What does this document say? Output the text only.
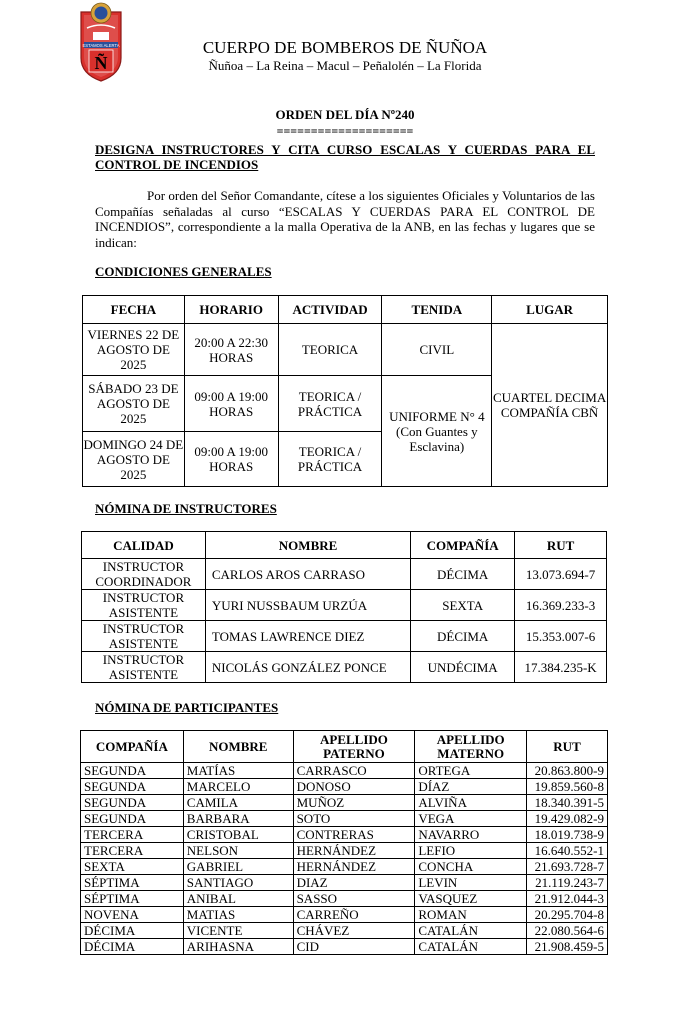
ESTAMOS ALERTA
Ñ
CUERPO DE BOMBEROS DE ÑUÑOA
Ñuñoa – La Reina – Macul – Peñalolén – La Florida
ORDEN DEL DÍA Nº240
====================
DESIGNA INSTRUCTORES Y CITA CURSO ESCALAS Y CUERDAS PARA EL CONTROL DE INCENDIOS
Por orden del Señor Comandante, cítese a los siguientes Oficiales y Voluntarios de las Compañías señaladas al curso “ESCALAS Y CUERDAS PARA EL CONTROL DE INCENDIOS”, correspondiente a la malla Operativa de la ANB, en las fechas y lugares que se indican:
CONDICIONES GENERALES
FECHA	HORARIO	ACTIVIDAD	TENIDA	LUGAR
VIERNES 22 DE AGOSTO DE 2025	20:00 A 22:30 HORAS	TEORICA	CIVIL	CUARTEL DECIMA COMPAÑÍA CBÑ
SÁBADO 23 DE AGOSTO DE 2025	09:00 A 19:00 HORAS	TEORICA / PRÁCTICA	UNIFORME N° 4 (Con Guantes y Esclavina)	
DOMINGO 24 DE AGOSTO DE 2025	09:00 A 19:00 HORAS	TEORICA / PRÁCTICA		
NÓMINA DE INSTRUCTORES
CALIDAD	NOMBRE	COMPAÑÍA	RUT
INSTRUCTOR COORDINADOR	CARLOS AROS CARRASO	DÉCIMA	13.073.694-7
INSTRUCTOR ASISTENTE	YURI NUSSBAUM URZÚA	SEXTA	16.369.233-3
INSTRUCTOR ASISTENTE	TOMAS LAWRENCE DIEZ	DÉCIMA	15.353.007-6
INSTRUCTOR ASISTENTE	NICOLÁS GONZÁLEZ PONCE	UNDÉCIMA	17.384.235-K
NÓMINA DE PARTICIPANTES
COMPAÑÍA	NOMBRE	APELLIDO PATERNO	APELLIDO MATERNO	RUT
SEGUNDA	MATÍAS	CARRASCO	ORTEGA	20.863.800-9
SEGUNDA	MARCELO	DONOSO	DÍAZ	19.859.560-8
SEGUNDA	CAMILA	MUÑOZ	ALVIÑA	18.340.391-5
SEGUNDA	BARBARA	SOTO	VEGA	19.429.082-9
TERCERA	CRISTOBAL	CONTRERAS	NAVARRO	18.019.738-9
TERCERA	NELSON	HERNÁNDEZ	LEFIO	16.640.552-1
SEXTA	GABRIEL	HERNÁNDEZ	CONCHA	21.693.728-7
SÉPTIMA	SANTIAGO	DIAZ	LEVIN	21.119.243-7
SÉPTIMA	ANIBAL	SASSO	VASQUEZ	21.912.044-3
NOVENA	MATIAS	CARREÑO	ROMAN	20.295.704-8
DÉCIMA	VICENTE	CHÁVEZ	CATALÁN	22.080.564-6
DÉCIMA	ARIHASNA	CID	CATALÁN	21.908.459-5
